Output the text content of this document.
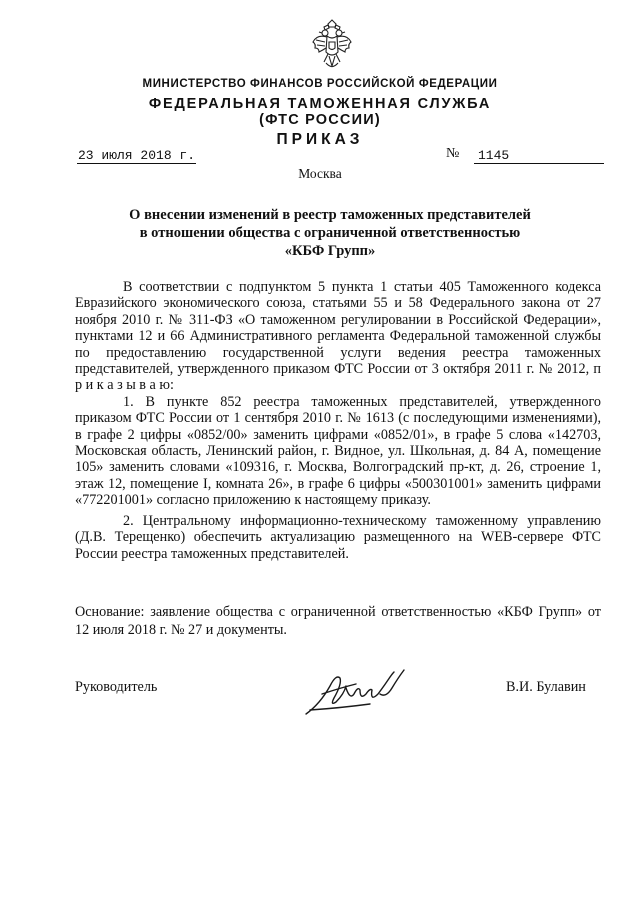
МИНИСТЕРСТВО ФИНАНСОВ РОССИЙСКОЙ ФЕДЕРАЦИИ
ФЕДЕРАЛЬНАЯ ТАМОЖЕННАЯ СЛУЖБА
(ФТС РОССИИ)
ПРИКАЗ
23 июля 2018 г.	№	1145
Москва
О внесении изменений в реестр таможенных представителей
в отношении общества с ограниченной ответственностью
«КБФ Групп»

В соответствии с подпунктом 5 пункта 1 статьи 405 Таможенного кодекса Евразийского экономического союза, статьями 55 и 58 Федерального закона от 27 ноября 2010 г. № 311-ФЗ «О таможенном регулировании в Российской Федерации», пунктами 12 и 66 Административного регламента Федеральной таможенной службы по предоставлению государственной услуги ведения реестра таможенных представителей, утвержденного приказом ФТС России от 3 октября 2011 г. № 2012, п р и к а з ы в а ю:

1. В пункте 852 реестра таможенных представителей, утвержденного приказом ФТС России от 1 сентября 2010 г. № 1613 (с последующими изменениями), в графе 2 цифры «0852/00» заменить цифрами «0852/01», в графе 5 слова «142703, Московская область, Ленинский район, г. Видное, ул. Школьная, д. 84 А, помещение 105» заменить словами «109316, г. Москва, Волгоградский пр-кт, д. 26, строение 1, этаж 12, помещение I, комната 26», в графе 6 цифры «500301001» заменить цифрами «772201001» согласно приложению к настоящему приказу.

2. Центральному информационно-техническому таможенному управлению (Д.В. Терещенко) обеспечить актуализацию размещенного на WEB-сервере ФТС России реестра таможенных представителей.

Основание: заявление общества с ограниченной ответственностью «КБФ Групп» от 12 июля 2018 г. № 27 и документы.

Руководитель	В.И. Булавин
